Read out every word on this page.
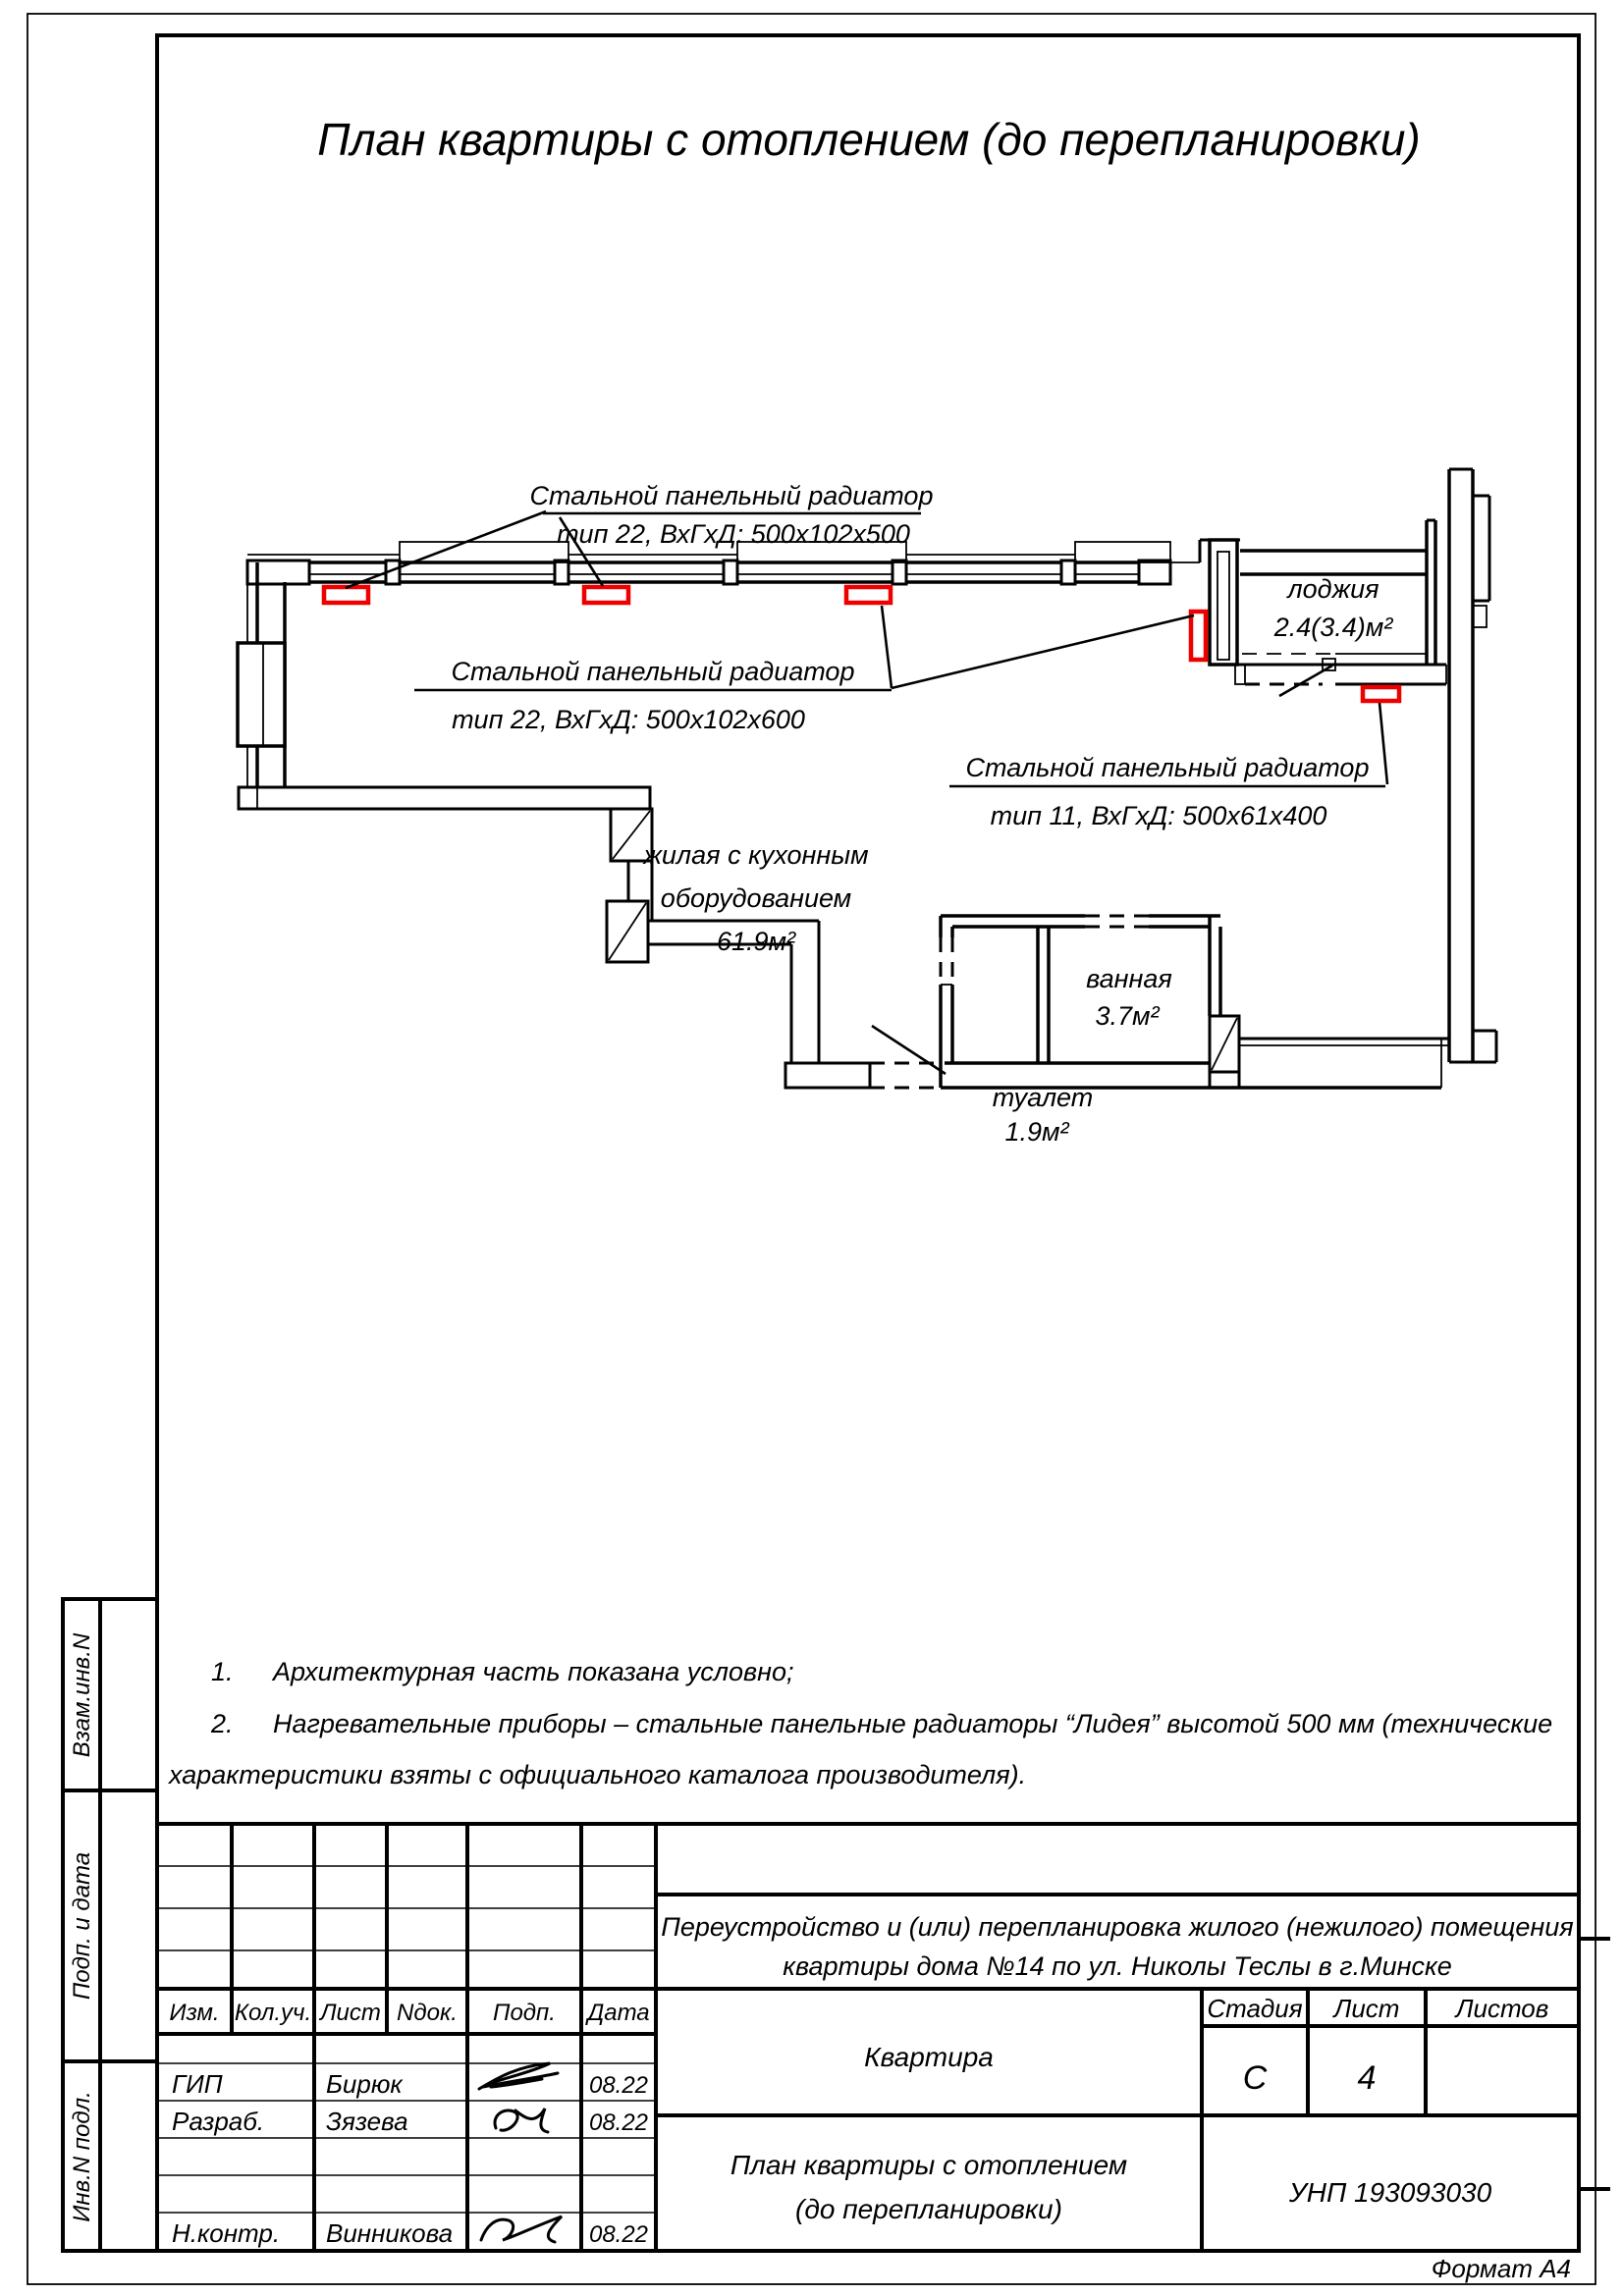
План квартиры с отоплением (до перепланировки)
Стальной панельный радиатор
тип 22, ВхГхД: 500х102х500
Стальной панельный радиатор
тип 22, ВхГхД: 500х102х600
Стальной панельный радиатор
тип 11, ВхГхД: 500х61х400
лоджия
2.4(3.4)м²
жилая с кухонным
оборудованием
61.9м²
ванная
3.7м²
туалет
1.9м²
1. Архитектурная часть показана условно;
2. Нагревательные приборы – стальные панельные радиаторы “Лидея” высотой 500 мм (технические
характеристики взяты с официального каталога производителя).
Взам.инв.N
Подп. и дата
Инв.N подл.
Изм. Кол.уч. Лист Nдок. Подп. Дата
ГИП	Бирюк	08.22
Разраб. Зязева	08.22
Н.контр. Винникова	08.22
Переустройство и (или) перепланировка жилого (нежилого) помещения
квартиры дома №14 по ул. Николы Теслы в г.Минске
Квартира
Стадия Лист Листов
С	4
План квартиры с отоплением
(до перепланировки)
УНП 193093030
Формат А4
